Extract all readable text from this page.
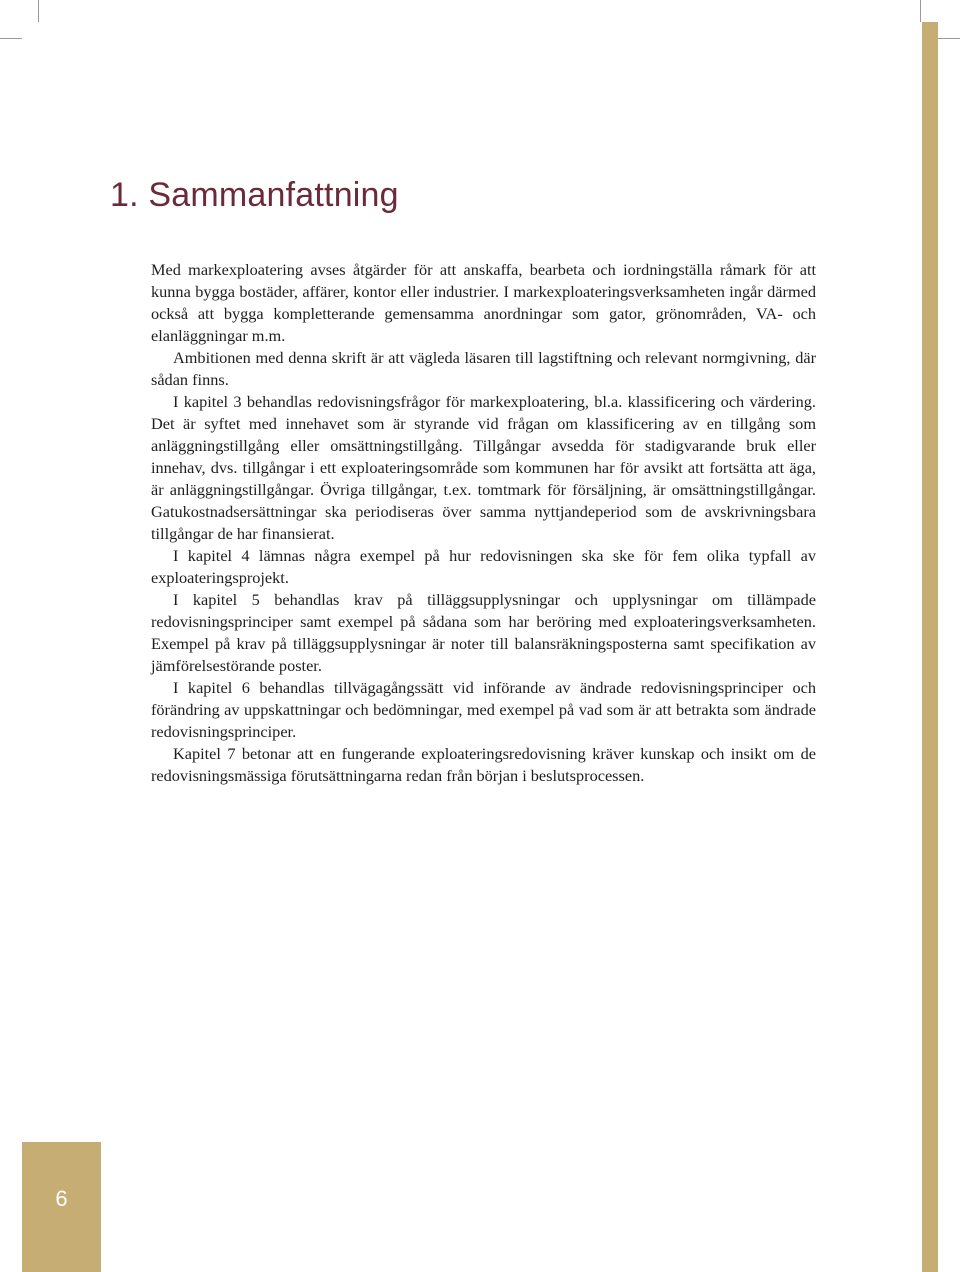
1. Sammanfattning

Med markexploatering avses åtgärder för att anskaffa, bearbeta och iordningställa råmark för att kunna bygga bostäder, affärer, kontor eller industrier. I markexploateringsverksamheten ingår därmed också att bygga kompletterande gemensamma anordningar som gator, grönområden, VA- och elanläggningar m.m.

Ambitionen med denna skrift är att vägleda läsaren till lagstiftning och relevant normgivning, där sådan finns.

I kapitel 3 behandlas redovisningsfrågor för markexploatering, bl.a. klassificering och värdering. Det är syftet med innehavet som är styrande vid frågan om klassificering av en tillgång som anläggningstillgång eller omsättningstillgång. Tillgångar avsedda för stadigvarande bruk eller innehav, dvs. tillgångar i ett exploateringsområde som kommunen har för avsikt att fortsätta att äga, är anläggningstillgångar. Övriga tillgångar, t.ex. tomtmark för försäljning, är omsättningstillgångar. Gatukostnadsersättningar ska periodiseras över samma nyttjandeperiod som de avskrivningsbara tillgångar de har finansierat.

I kapitel 4 lämnas några exempel på hur redovisningen ska ske för fem olika typfall av exploateringsprojekt.

I kapitel 5 behandlas krav på tilläggsupplysningar och upplysningar om tillämpade redovisningsprinciper samt exempel på sådana som har beröring med exploateringsverksamheten. Exempel på krav på tilläggsupplysningar är noter till balansräkningsposterna samt specifikation av jämförelsestörande poster.

I kapitel 6 behandlas tillvägagångssätt vid införande av ändrade redovisningsprinciper och förändring av uppskattningar och bedömningar, med exempel på vad som är att betrakta som ändrade redovisningsprinciper.

Kapitel 7 betonar att en fungerande exploateringsredovisning kräver kunskap och insikt om de redovisningsmässiga förutsättningarna redan från början i beslutsprocessen.

6
